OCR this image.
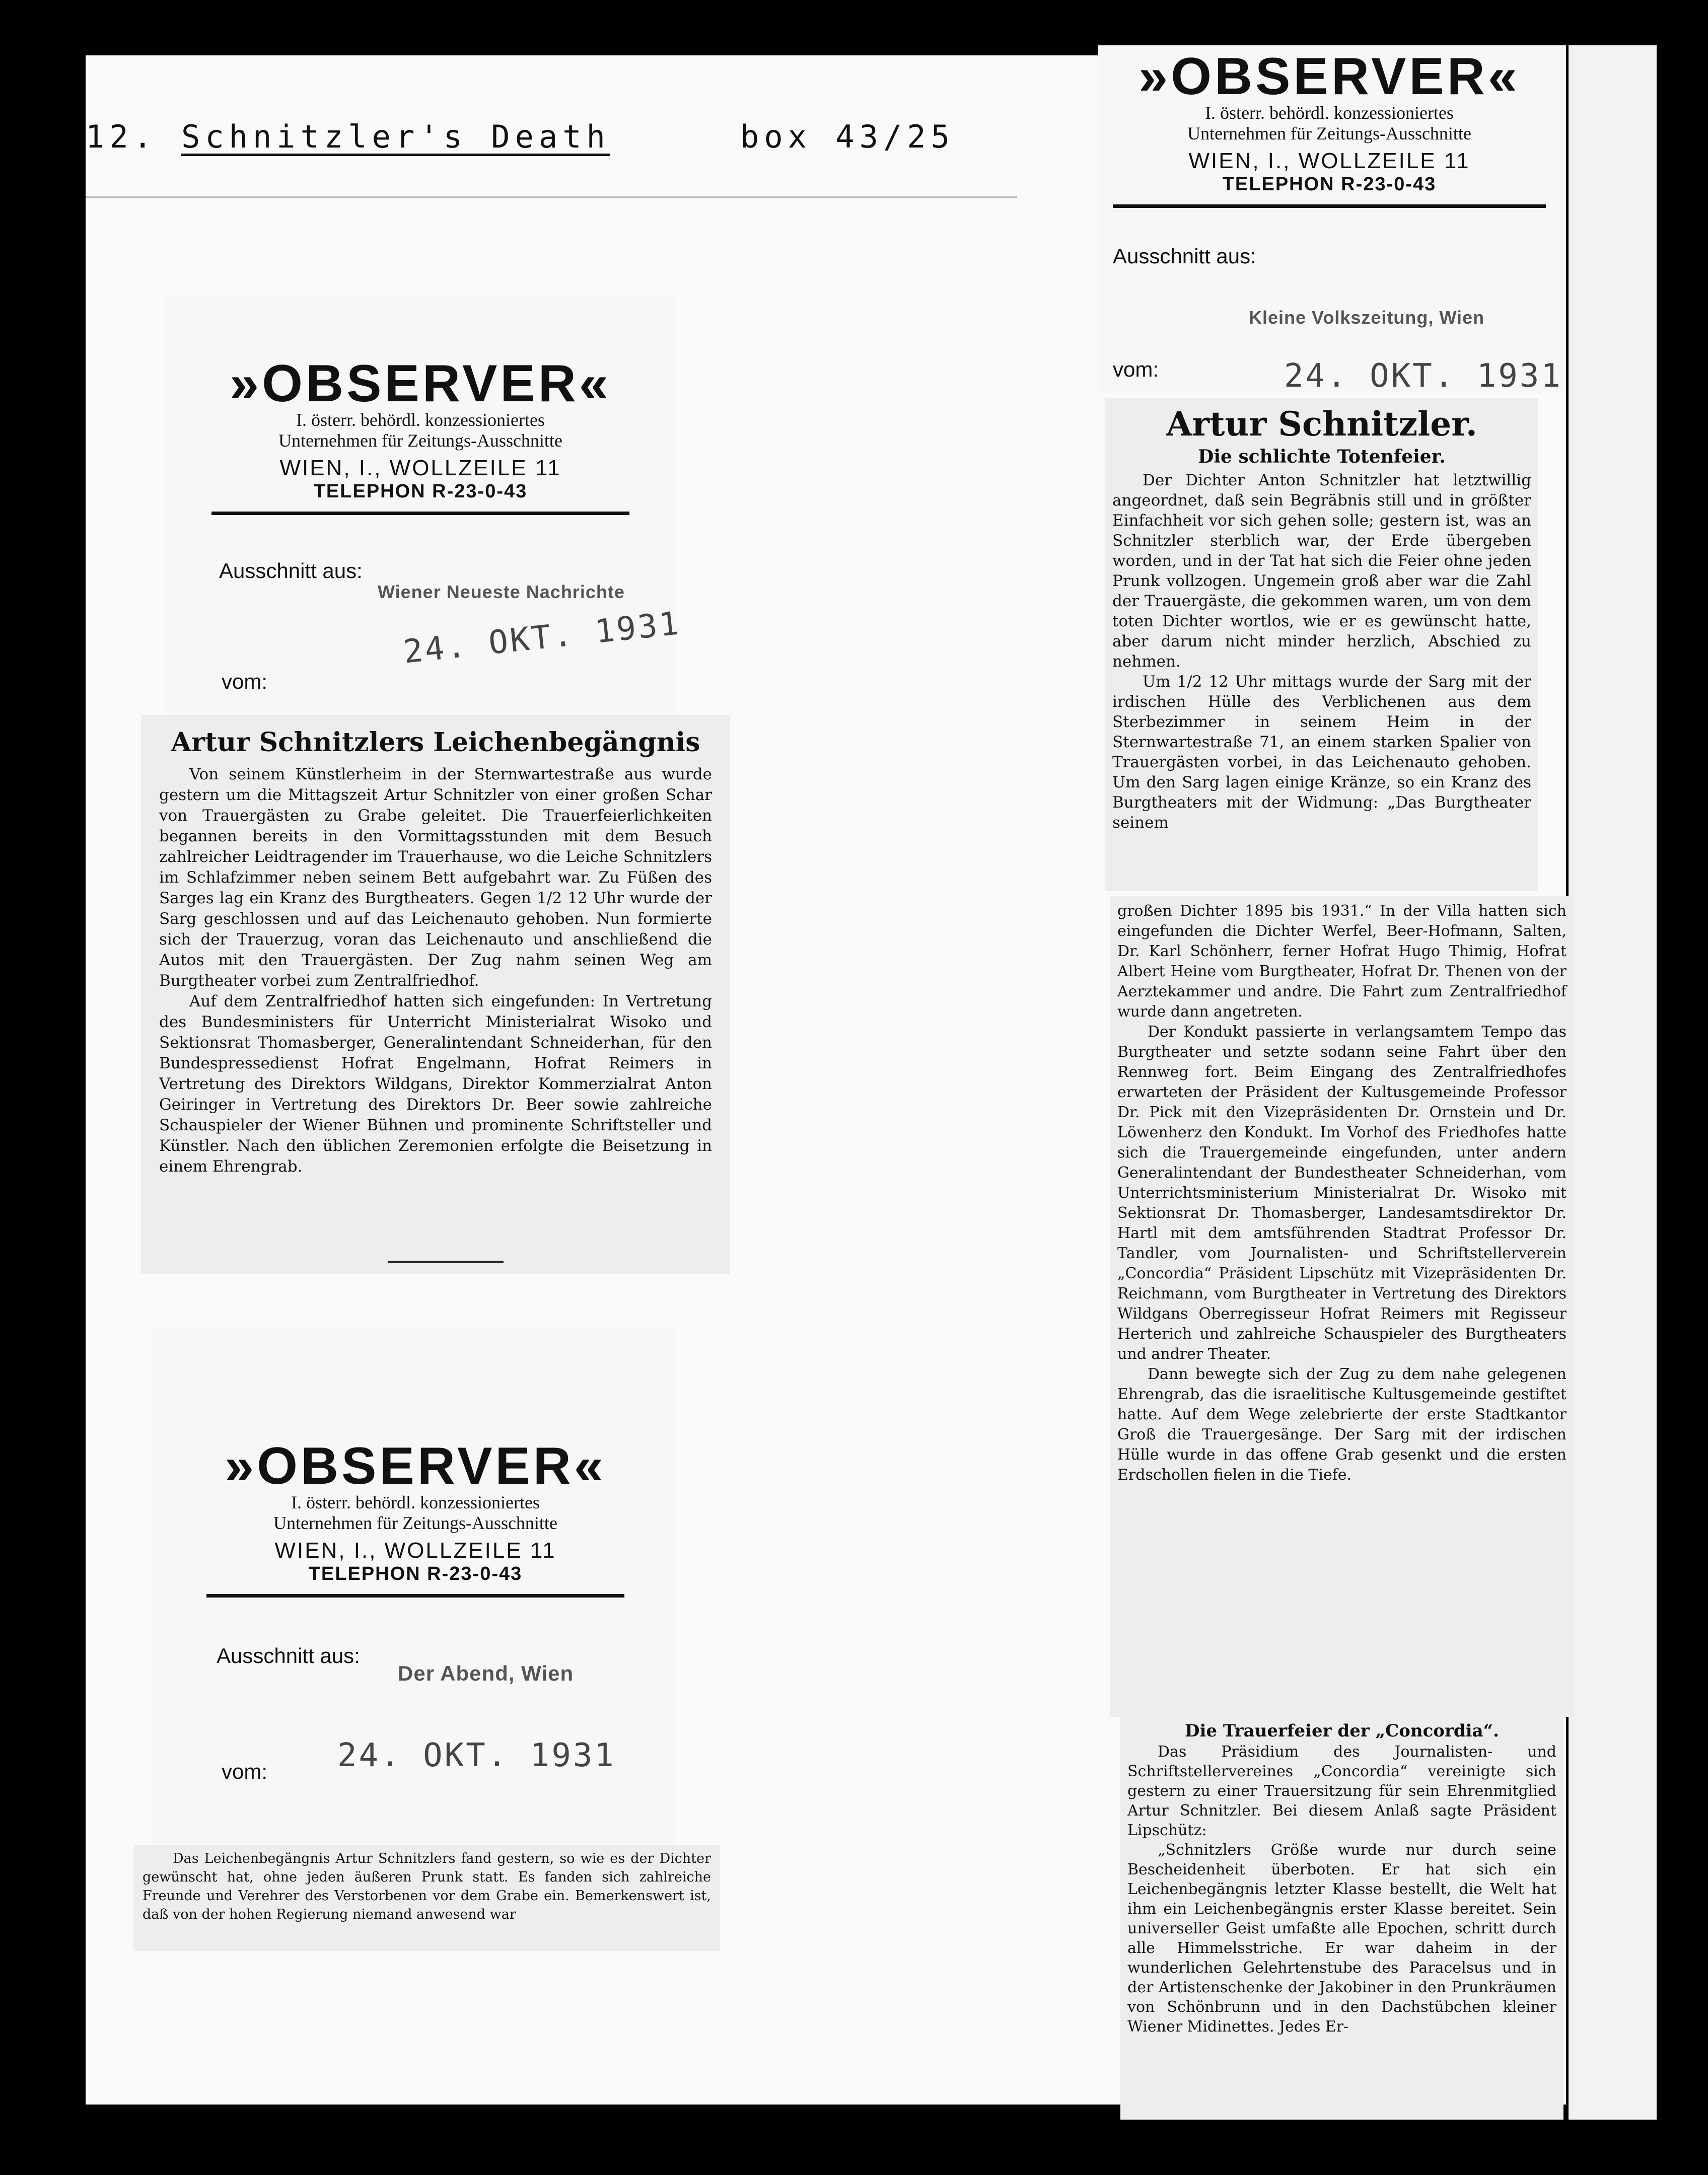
12. Schnitzler's Death	box 43/25
»OBSERVER«
I. österr. behördl. konzessioniertes
Unternehmen für Zeitungs-Ausschnitte
WIEN, I., WOLLZEILE 11
TELEPHON R-23-0-43
Ausschnitt aus:
Wiener Neueste Nachrichte
24. OKT. 1931
vom:
Artur Schnitzlers Leichenbegängnis

Von seinem Künstlerheim in der Sternwartestraße aus wurde gestern um die Mittagszeit Artur Schnitzler von einer großen Schar von Trauergästen zu Grabe geleitet. Die Trauerfeierlichkeiten begannen bereits in den Vormittagsstunden mit dem Besuch zahlreicher Leidtragender im Trauerhause, wo die Leiche Schnitzlers im Schlafzimmer neben seinem Bett aufgebahrt war. Zu Füßen des Sarges lag ein Kranz des Burgtheaters. Gegen 1/2 12 Uhr wurde der Sarg geschlossen und auf das Leichenauto gehoben. Nun formierte sich der Trauerzug, voran das Leichenauto und anschließend die Autos mit den Trauergästen. Der Zug nahm seinen Weg am Burgtheater vorbei zum Zentralfriedhof.

Auf dem Zentralfriedhof hatten sich eingefunden: In Vertretung des Bundesministers für Unterricht Ministerialrat Wisoko und Sektionsrat Thomasberger, Generalintendant Schneiderhan, für den Bundespressedienst Hofrat Engelmann, Hofrat Reimers in Vertretung des Direktors Wildgans, Direktor Kommerzialrat Anton Geiringer in Vertretung des Direktors Dr. Beer sowie zahlreiche Schauspieler der Wiener Bühnen und prominente Schriftsteller und Künstler. Nach den üblichen Zeremonien erfolgte die Beisetzung in einem Ehrengrab.

»OBSERVER«
I. österr. behördl. konzessioniertes
Unternehmen für Zeitungs-Ausschnitte
WIEN, I., WOLLZEILE 11
TELEPHON R-23-0-43
Ausschnitt aus:
Der Abend, Wien
24. OKT. 1931
vom:

Das Leichenbegängnis Artur Schnitzlers fand gestern, so wie es der Dichter gewünscht hat, ohne jeden äußeren Prunk statt. Es fanden sich zahlreiche Freunde und Verehrer des Verstorbenen vor dem Grabe ein. Bemerkenswert ist, daß von der hohen Regierung niemand anwesend war

»OBSERVER«
I. österr. behördl. konzessioniertes
Unternehmen für Zeitungs-Ausschnitte
WIEN, I., WOLLZEILE 11
TELEPHON R-23-0-43
Ausschnitt aus:
Kleine Volkszeitung, Wien
vom:	24. OKT. 1931
Artur Schnitzler.
Die schlichte Totenfeier.

Der Dichter Anton Schnitzler hat letztwillig angeordnet, daß sein Begräbnis still und in größter Einfachheit vor sich gehen solle; gestern ist, was an Schnitzler sterblich war, der Erde übergeben worden, und in der Tat hat sich die Feier ohne jeden Prunk vollzogen. Ungemein groß aber war die Zahl der Trauergäste, die gekommen waren, um von dem toten Dichter wortlos, wie er es gewünscht hatte, aber darum nicht minder herzlich, Abschied zu nehmen.

Um 1/2 12 Uhr mittags wurde der Sarg mit der irdischen Hülle des Verblichenen aus dem Sterbezimmer in seinem Heim in der Sternwartestraße 71, an einem starken Spalier von Trauergästen vorbei, in das Leichenauto gehoben. Um den Sarg lagen einige Kränze, so ein Kranz des Burgtheaters mit der Widmung: „Das Burgtheater seinem

großen Dichter 1895 bis 1931.“ In der Villa hatten sich eingefunden die Dichter Werfel, Beer-Hofmann, Salten, Dr. Karl Schönherr, ferner Hofrat Hugo Thimig, Hofrat Albert Heine vom Burgtheater, Hofrat Dr. Thenen von der Aerztekammer und andre. Die Fahrt zum Zentralfriedhof wurde dann angetreten.

Der Kondukt passierte in verlangsamtem Tempo das Burgtheater und setzte sodann seine Fahrt über den Rennweg fort. Beim Eingang des Zentralfriedhofes erwarteten der Präsident der Kultusgemeinde Professor Dr. Pick mit den Vizepräsidenten Dr. Ornstein und Dr. Löwenherz den Kondukt. Im Vorhof des Friedhofes hatte sich die Trauergemeinde eingefunden, unter andern Generalintendant der Bundestheater Schneiderhan, vom Unterrichtsministerium Ministerialrat Dr. Wisoko mit Sektionsrat Dr. Thomasberger, Landesamtsdirektor Dr. Hartl mit dem amtsführenden Stadtrat Professor Dr. Tandler, vom Journalisten- und Schriftstellerverein „Concordia“ Präsident Lipschütz mit Vizepräsidenten Dr. Reichmann, vom Burgtheater in Vertretung des Direktors Wildgans Oberregisseur Hofrat Reimers mit Regisseur Herterich und zahlreiche Schauspieler des Burgtheaters und andrer Theater.

Dann bewegte sich der Zug zu dem nahe gelegenen Ehrengrab, das die israelitische Kultusgemeinde gestiftet hatte. Auf dem Wege zelebrierte der erste Stadtkantor Groß die Trauergesänge. Der Sarg mit der irdischen Hülle wurde in das offene Grab gesenkt und die ersten Erdschollen fielen in die Tiefe.

Die Trauerfeier der „Concordia“.

Das Präsidium des Journalisten- und Schriftstellervereines „Concordia“ vereinigte sich gestern zu einer Trauersitzung für sein Ehrenmitglied Artur Schnitzler. Bei diesem Anlaß sagte Präsident Lipschütz:

„Schnitzlers Größe wurde nur durch seine Bescheidenheit überboten. Er hat sich ein Leichenbegängnis letzter Klasse bestellt, die Welt hat ihm ein Leichenbegängnis erster Klasse bereitet. Sein universeller Geist umfaßte alle Epochen, schritt durch alle Himmelsstriche. Er war daheim in der wunderlichen Gelehrtenstube des Paracelsus und in der Artistenschenke der Jakobiner in den Prunkräumen von Schönbrunn und in den Dachstübchen kleiner Wiener Midinettes. Jedes Er-
